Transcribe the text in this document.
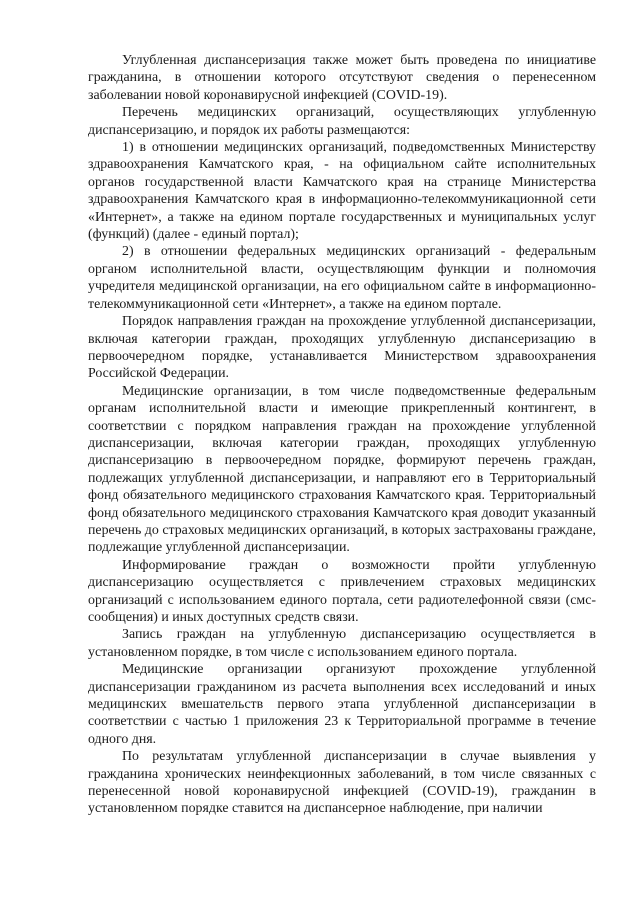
Углубленная диспансеризация также может быть проведена по инициативе гражданина, в отношении которого отсутствуют сведения о перенесенном заболевании новой коронавирусной инфекцией (COVID-19).

Перечень медицинских организаций, осуществляющих углубленную диспансеризацию, и порядок их работы размещаются:

1) в отношении медицинских организаций, подведомственных Министерству здравоохранения Камчатского края, - на официальном сайте исполнительных органов государственной власти Камчатского края на странице Министерства здравоохранения Камчатского края в информационно-телекоммуникационной сети «Интернет», а также на едином портале государственных и муниципальных услуг (функций) (далее - единый портал);

2) в отношении федеральных медицинских организаций - федеральным органом исполнительной власти, осуществляющим функции и полномочия учредителя медицинской организации, на его официальном сайте в информационно-телекоммуникационной сети «Интернет», а также на едином портале.

Порядок направления граждан на прохождение углубленной диспансеризации, включая категории граждан, проходящих углубленную диспансеризацию в первоочередном порядке, устанавливается Министерством здравоохранения Российской Федерации.

Медицинские организации, в том числе подведомственные федеральным органам исполнительной власти и имеющие прикрепленный контингент, в соответствии с порядком направления граждан на прохождение углубленной диспансеризации, включая категории граждан, проходящих углубленную диспансеризацию в первоочередном порядке, формируют перечень граждан, подлежащих углубленной диспансеризации, и направляют его в Территориальный фонд обязательного медицинского страхования Камчатского края. Территориальный фонд обязательного медицинского страхования Камчатского края доводит указанный перечень до страховых медицинских организаций, в которых застрахованы граждане, подлежащие углубленной диспансеризации.

Информирование граждан о возможности пройти углубленную диспансеризацию осуществляется с привлечением страховых медицинских организаций с использованием единого портала, сети радиотелефонной связи (смс-сообщения) и иных доступных средств связи.

Запись граждан на углубленную диспансеризацию осуществляется в установленном порядке, в том числе с использованием единого портала.

Медицинские организации организуют прохождение углубленной диспансеризации гражданином из расчета выполнения всех исследований и иных медицинских вмешательств первого этапа углубленной диспансеризации в соответствии с частью 1 приложения 23 к Территориальной программе в течение одного дня.

По результатам углубленной диспансеризации в случае выявления у гражданина хронических неинфекционных заболеваний, в том числе связанных с перенесенной новой коронавирусной инфекцией (COVID-19), гражданин в установленном порядке ставится на диспансерное наблюдение, при наличии
